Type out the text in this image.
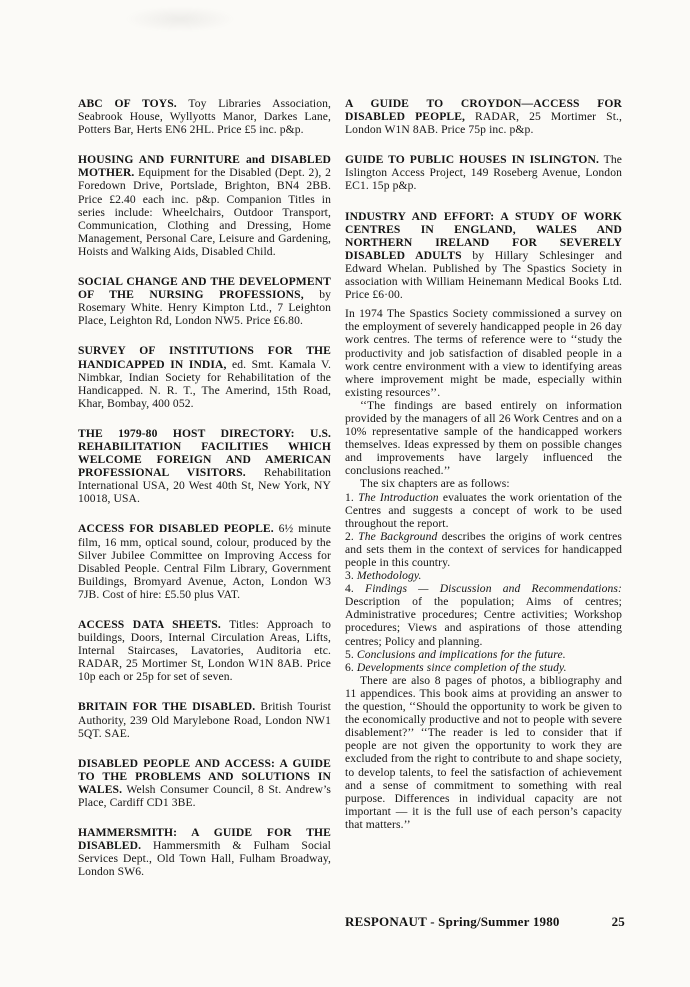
ABC OF TOYS. Toy Libraries Association, Seabrook House, Wyllyotts Manor, Darkes Lane, Potters Bar, Herts EN6 2HL. Price £5 inc. p&p.

HOUSING AND FURNITURE and DISABLED MOTHER. Equipment for the Disabled (Dept. 2), 2 Foredown Drive, Portslade, Brighton, BN4 2BB. Price £2.40 each inc. p&p. Companion Titles in series include: Wheelchairs, Outdoor Transport, Communication, Clothing and Dressing, Home Management, Personal Care, Leisure and Gardening, Hoists and Walking Aids, Disabled Child.

SOCIAL CHANGE AND THE DEVELOPMENT OF THE NURSING PROFESSIONS, by Rosemary White. Henry Kimpton Ltd., 7 Leighton Place, Leighton Rd, London NW5. Price £6.80.

SURVEY OF INSTITUTIONS FOR THE HANDICAPPED IN INDIA, ed. Smt. Kamala V. Nimbkar, Indian Society for Rehabilitation of the Handicapped. N. R. T., The Amerind, 15th Road, Khar, Bombay, 400 052.

THE 1979-80 HOST DIRECTORY: U.S. REHABILITATION FACILITIES WHICH WELCOME FOREIGN AND AMERICAN PROFESSIONAL VISITORS. Rehabilitation International USA, 20 West 40th St, New York, NY 10018, USA.

ACCESS FOR DISABLED PEOPLE. 6½ minute film, 16 mm, optical sound, colour, produced by the Silver Jubilee Committee on Improving Access for Disabled People. Central Film Library, Government Buildings, Bromyard Avenue, Acton, London W3 7JB. Cost of hire: £5.50 plus VAT.

ACCESS DATA SHEETS. Titles: Approach to buildings, Doors, Internal Circulation Areas, Lifts, Internal Staircases, Lavatories, Auditoria etc. RADAR, 25 Mortimer St, London W1N 8AB. Price 10p each or 25p for set of seven.

BRITAIN FOR THE DISABLED. British Tourist Authority, 239 Old Marylebone Road, London NW1 5QT. SAE.

DISABLED PEOPLE AND ACCESS: A GUIDE TO THE PROBLEMS AND SOLUTIONS IN WALES. Welsh Consumer Council, 8 St. Andrew’s Place, Cardiff CD1 3BE.

HAMMERSMITH: A GUIDE FOR THE DISABLED. Hammersmith & Fulham Social Services Dept., Old Town Hall, Fulham Broadway, London SW6.

A GUIDE TO CROYDON—ACCESS FOR DISABLED PEOPLE, RADAR, 25 Mortimer St., London W1N 8AB. Price 75p inc. p&p.

GUIDE TO PUBLIC HOUSES IN ISLINGTON. The Islington Access Project, 149 Roseberg Avenue, London EC1. 15p p&p.

INDUSTRY AND EFFORT: A STUDY OF WORK CENTRES IN ENGLAND, WALES AND NORTHERN IRELAND FOR SEVERELY DISABLED ADULTS by Hillary Schlesinger and Edward Whelan. Published by The Spastics Society in association with William Heinemann Medical Books Ltd. Price £6·00.

In 1974 The Spastics Society commissioned a survey on the employment of severely handicapped people in 26 day work centres. The terms of reference were to ‘‘study the productivity and job satisfaction of disabled people in a work centre environment with a view to identifying areas where improvement might be made, especially within existing resources’’.

‘‘The findings are based entirely on information provided by the managers of all 26 Work Centres and on a 10% representative sample of the handicapped workers themselves. Ideas expressed by them on possible changes and improvements have largely influenced the conclusions reached.’’

The six chapters are as follows:

1. The Introduction evaluates the work orientation of the Centres and suggests a concept of work to be used throughout the report.

2. The Background describes the origins of work centres and sets them in the context of services for handicapped people in this country.

3. Methodology.

4. Findings — Discussion and Recommendations: Description of the population; Aims of centres; Administrative procedures; Centre activities; Workshop procedures; Views and aspirations of those attending centres; Policy and planning.

5. Conclusions and implications for the future.

6. Developments since completion of the study.

There are also 8 pages of photos, a bibliography and 11 appendices. This book aims at providing an answer to the question, ‘‘Should the opportunity to work be given to the economically productive and not to people with severe disablement?’’ ‘‘The reader is led to consider that if people are not given the opportunity to work they are excluded from the right to contribute to and shape society, to develop talents, to feel the satisfaction of achievement and a sense of commitment to something with real purpose. Differences in individual capacity are not important — it is the full use of each person’s capacity that matters.’’

RESPONAUT - Spring/Summer 1980	25
